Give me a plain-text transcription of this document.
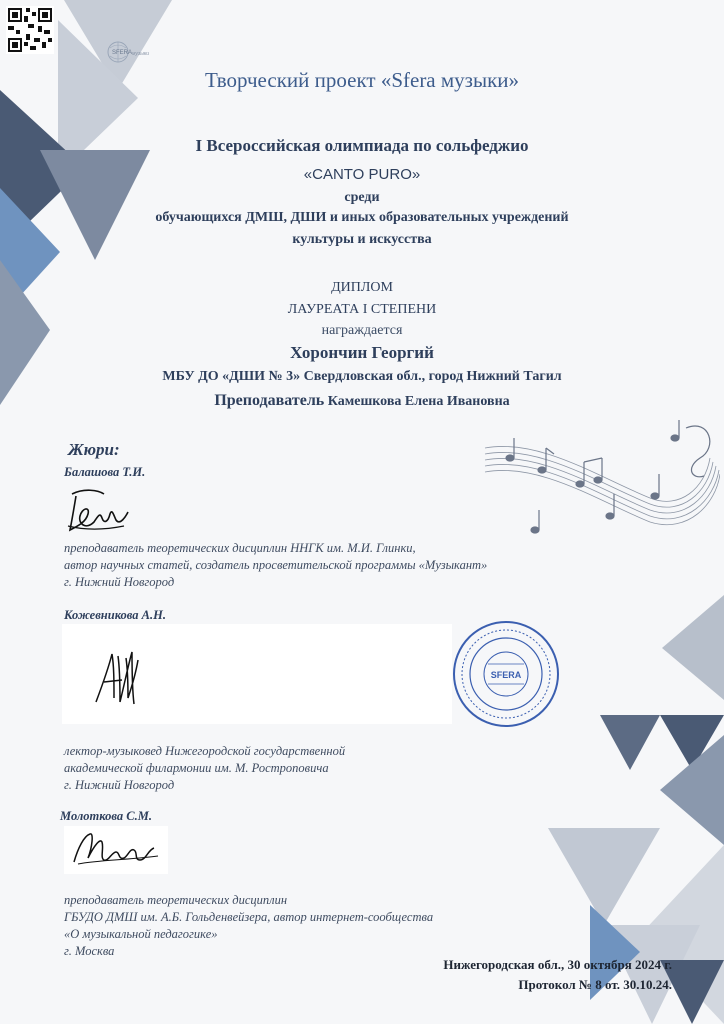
SFERA музыки
Творческий проект «Sfera музыки»
I Всероссийская олимпиада по сольфеджио
«CANTO PURO»
среди
обучающихся ДМШ, ДШИ и иных образовательных учреждений
культуры и искусства
ДИПЛОМ
ЛАУРЕАТА I СТЕПЕНИ
награждается
Хорончин Георгий
МБУ ДО «ДШИ № 3» Свердловская обл., город Нижний Тагил
Преподаватель Камешкова Елена Ивановна
Жюри:
Балашова Т.И.
преподаватель теоретических дисциплин ННГК им. М.И. Глинки,
автор научных статей, создатель просветительской программы «Музыкант»
г. Нижний Новгород
Кожевникова А.Н.
SFERA
лектор-музыковед Нижегородской государственной
академической филармонии им. М. Ростроповича
г. Нижний Новгород
Молоткова С.М.
преподаватель теоретических дисциплин
ГБУДО ДМШ им. А.Б. Гольденвейзера, автор интернет-сообщества
«О музыкальной педагогике»
г. Москва
Нижегородская обл., 30 октября 2024 г.
Протокол № 8 от. 30.10.24.
